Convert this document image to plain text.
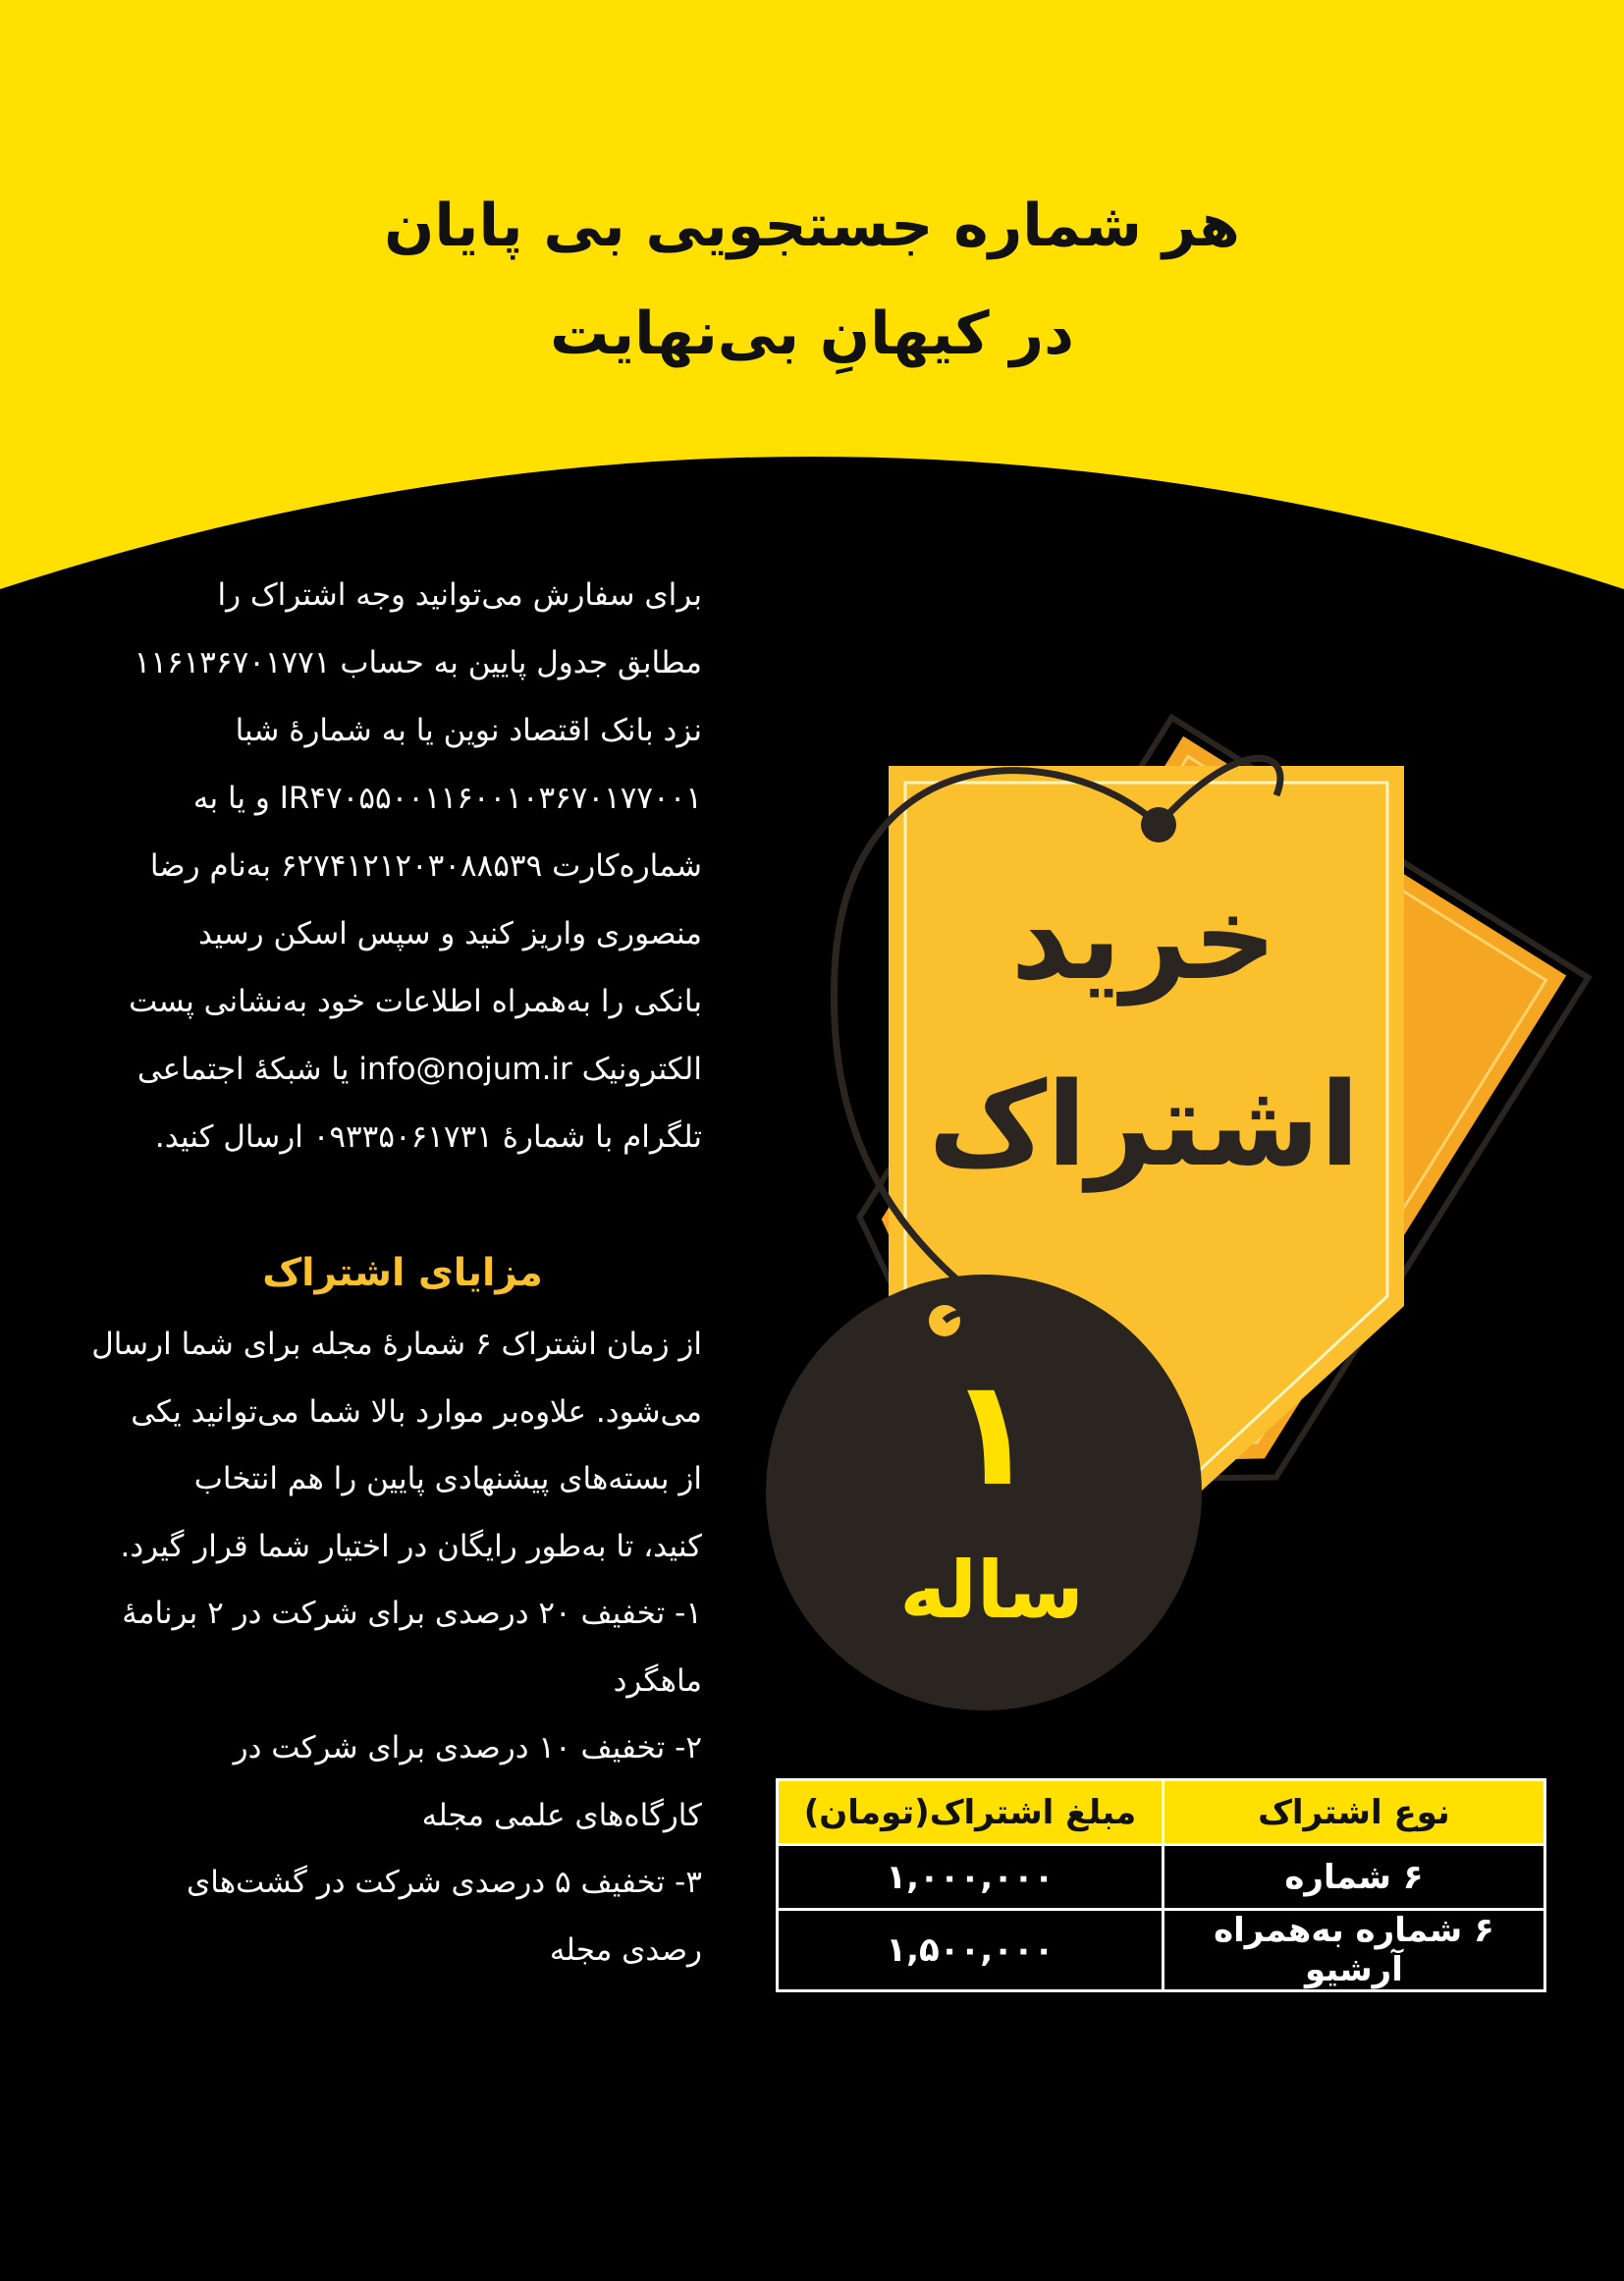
هر شماره جستجویی بی پایان
در کیهانِ بی‌نهایت
برای سفارش می‌توانید وجه اشتراک را
مطابق جدول پایین به حساب ۱۱۶۱۳۶۷۰۱۷۷۱
نزد بانک اقتصاد نوین یا به شمارۀ شبا
IR۴۷۰۵۵۰۰۱۱۶۰۰۱۰۳۶۷۰۱۷۷۰۰۱ و یا به
شماره‌کارت ۶۲۷۴۱۲۱۲۰۳۰۸۸۵۳۹ به‌نام رضا
منصوری واریز کنید و سپس اسکن رسید
بانکی را به‌همراه اطلاعات خود به‌نشانی پست
الکترونیک info@nojum.ir یا شبکۀ اجتماعی
تلگرام با شمارۀ ۰۹۳۳۵۰۶۱۷۳۱ ارسال کنید.
مزایای اشتراک
از زمان اشتراک ۶ شمارۀ مجله برای شما ارسال
می‌شود. علاوه‌بر موارد بالا شما می‌توانید یکی
از بسته‌های پیشنهادی پایین را هم انتخاب
کنید، تا به‌طور رایگان در اختیار شما قرار گیرد.
۱- تخفیف ۲۰ درصدی برای شرکت در ۲ برنامۀ
ماهگرد
۲- تخفیف ۱۰ درصدی برای شرکت در
کارگاه‌های علمی مجله
۳- تخفیف ۵ درصدی شرکت در گشت‌های
رصدی مجله
خرید
اشتراک
۱
ساله
نوع اشتراک	مبلغ اشتراک(تومان)
۶ شماره	۱,۰۰۰,۰۰۰
۶ شماره به‌همراه آرشیو	۱,۵۰۰,۰۰۰
